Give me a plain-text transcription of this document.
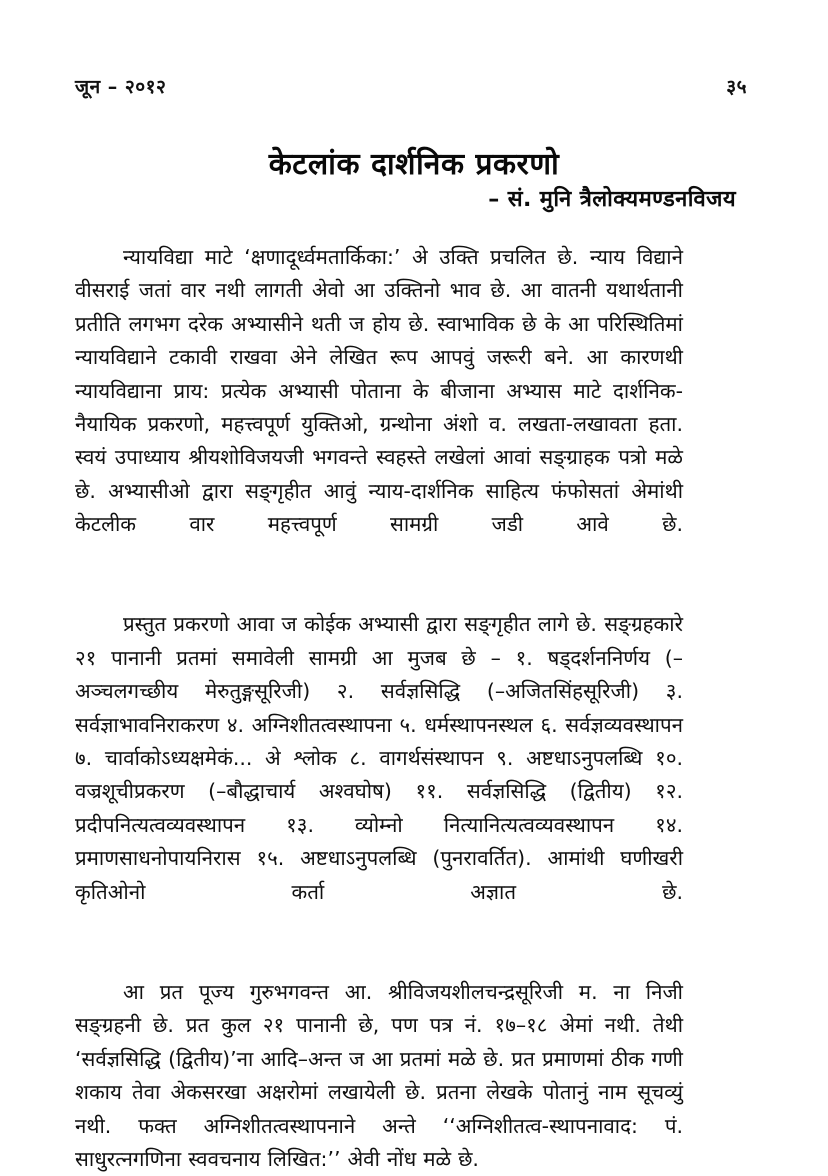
जून – २०१२	३५
केटलांक दार्शनिक प्रकरणो
– सं. मुनि त्रैलोक्यमण्डनविजय

न्यायविद्या माटे ‘क्षणादूर्ध्वमतार्किका:’ अे उक्ति प्रचलित छे. न्याय विद्याने वीसराई जतां वार नथी लागती अेवो आ उक्तिनो भाव छे. आ वातनी यथार्थतानी प्रतीति लगभग दरेक अभ्यासीने थती ज होय छे. स्वाभाविक छे के आ परिस्थितिमां न्यायविद्याने टकावी राखवा अेने लेखित रूप आपवुं जरूरी बने. आ कारणथी न्यायविद्याना प्राय: प्रत्येक अभ्यासी पोताना के बीजाना अभ्यास माटे दार्शनिक-नैयायिक प्रकरणो, महत्त्वपूर्ण युक्तिओ, ग्रन्थोना अंशो व. लखता-लखावता हता. स्वयं उपाध्याय श्रीयशोविजयजी भगवन्ते स्वहस्ते लखेलां आवां सङ्ग्राहक पत्रो मळे छे. अभ्यासीओ द्वारा सङ्गृहीत आवुं न्याय-दार्शनिक साहित्य फंफोसतां अेमांथी केटलीक वार महत्त्वपूर्ण सामग्री जडी आवे छे.

प्रस्तुत प्रकरणो आवा ज कोईक अभ्यासी द्वारा सङ्गृहीत लागे छे. सङ्ग्रहकारे २१ पानानी प्रतमां समावेली सामग्री आ मुजब छे – १. षड्दर्शननिर्णय (–अञ्चलगच्छीय मेरुतुङ्गसूरिजी) २. सर्वज्ञसिद्धि (–अजितसिंहसूरिजी) ३. सर्वज्ञाभावनिराकरण ४. अग्निशीतत्वस्थापना ५. धर्मस्थापनस्थल ६. सर्वज्ञव्यवस्थापन ७. चार्वाकोऽध्यक्षमेकं... अे श्लोक ८. वागर्थसंस्थापन ९. अष्टधाऽनुपलब्धि १०. वज्रशूचीप्रकरण (–बौद्धाचार्य अश्वघोष) ११. सर्वज्ञसिद्धि (द्वितीय) १२. प्रदीपनित्यत्वव्यवस्थापन १३. व्योम्नो नित्यानित्यत्वव्यवस्थापन १४. प्रमाणसाधनोपायनिरास १५. अष्टधाऽनुपलब्धि (पुनरावर्तित). आमांथी घणीखरी कृतिओनो कर्ता अज्ञात छे.

आ प्रत पूज्य गुरुभगवन्त आ. श्रीविजयशीलचन्द्रसूरिजी म. ना निजी सङ्ग्रहनी छे. प्रत कुल २१ पानानी छे, पण पत्र नं. १७–१८ अेमां नथी. तेथी ‘सर्वज्ञसिद्धि (द्वितीय)’ना आदि–अन्त ज आ प्रतमां मळे छे. प्रत प्रमाणमां ठीक गणी शकाय तेवा अेकसरखा अक्षरोमां लखायेली छे. प्रतना लेखके पोतानुं नाम सूचव्युं नथी. फक्त अग्निशीतत्वस्थापनाने अन्ते ‘‘अग्निशीतत्व-स्थापनावाद: पं. साधुरत्नगणिना स्ववचनाय लिखित:’’ अेवी नोंध मळे छे.
